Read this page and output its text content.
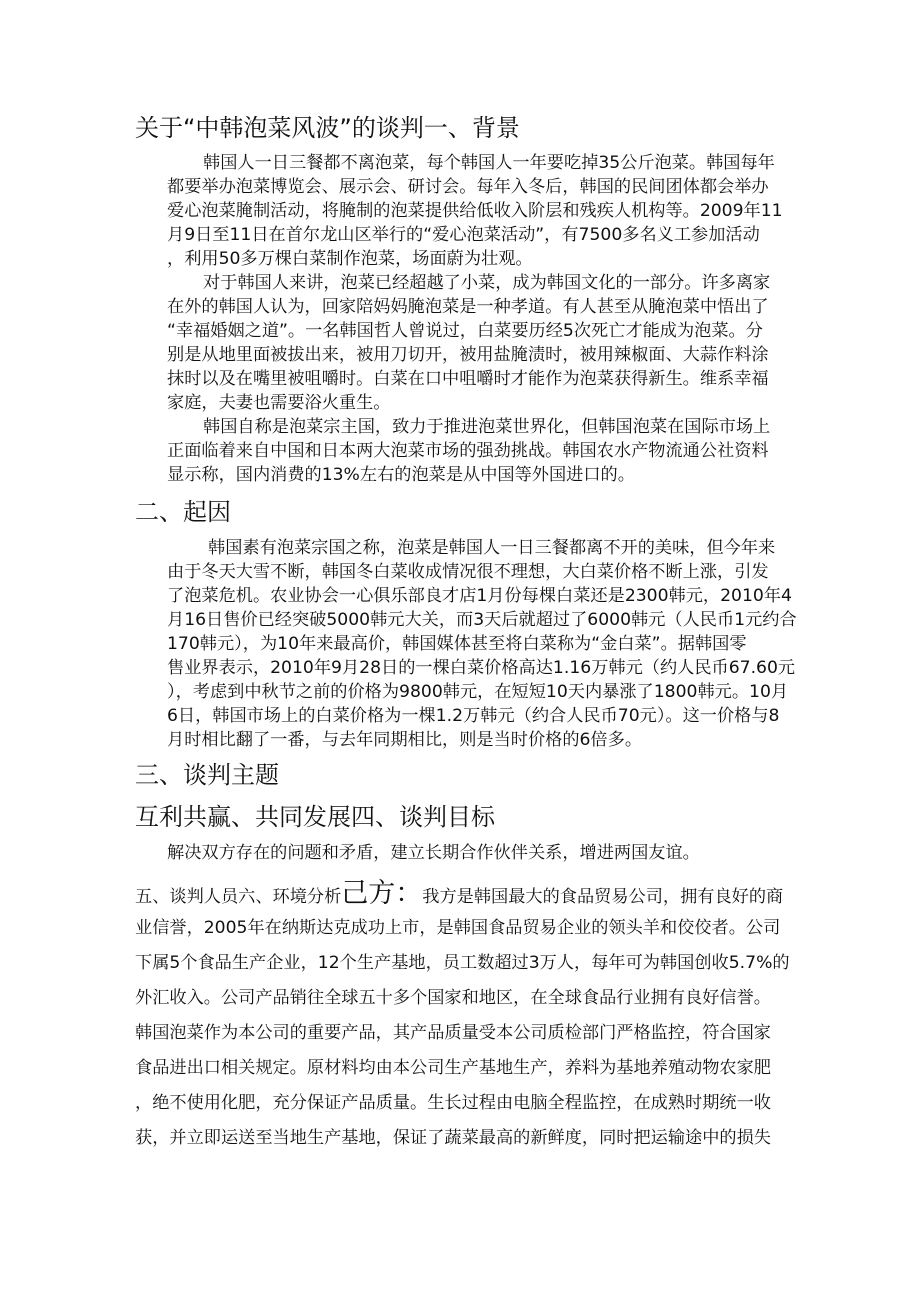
关于“中韩泡菜风波”的谈判一、背景
韩国人一日三餐都不离泡菜，每个韩国人一年要吃掉35公斤泡菜。韩国每年
都要举办泡菜博览会、展示会、研讨会。每年入冬后，韩国的民间团体都会举办
爱心泡菜腌制活动，将腌制的泡菜提供给低收入阶层和残疾人机构等。2009年11
月9日至11日在首尔龙山区举行的“爱心泡菜活动”，有7500多名义工参加活动
，利用50多万棵白菜制作泡菜，场面蔚为壮观。
对于韩国人来讲，泡菜已经超越了小菜，成为韩国文化的一部分。许多离家
在外的韩国人认为，回家陪妈妈腌泡菜是一种孝道。有人甚至从腌泡菜中悟出了
“幸福婚姻之道”。一名韩国哲人曾说过，白菜要历经5次死亡才能成为泡菜。分
别是从地里面被拔出来，被用刀切开，被用盐腌渍时，被用辣椒面、大蒜作料涂
抹时以及在嘴里被咀嚼时。白菜在口中咀嚼时才能作为泡菜获得新生。维系幸福
家庭，夫妻也需要浴火重生。
韩国自称是泡菜宗主国，致力于推进泡菜世界化，但韩国泡菜在国际市场上
正面临着来自中国和日本两大泡菜市场的强劲挑战。韩国农水产物流通公社资料
显示称，国内消费的13%左右的泡菜是从中国等外国进口的。
二、起因
韩国素有泡菜宗国之称，泡菜是韩国人一日三餐都离不开的美味，但今年来
由于冬天大雪不断，韩国冬白菜收成情况很不理想，大白菜价格不断上涨，引发
了泡菜危机。农业协会一心俱乐部良才店1月份每棵白菜还是2300韩元，2010年4
月16日售价已经突破5000韩元大关，而3天后就超过了6000韩元（人民币1元约合
170韩元），为10年来最高价，韩国媒体甚至将白菜称为“金白菜”。据韩国零
售业界表示，2010年9月28日的一棵白菜价格高达1.16万韩元（约人民币67.60元
），考虑到中秋节之前的价格为9800韩元，在短短10天内暴涨了1800韩元。10月
6日，韩国市场上的白菜价格为一棵1.2万韩元（约合人民币70元）。这一价格与8
月时相比翻了一番，与去年同期相比，则是当时价格的6倍多。
三、谈判主题
互利共赢、共同发展四、谈判目标
解决双方存在的问题和矛盾，建立长期合作伙伴关系，增进两国友谊。
五、谈判人员六、环境分析己方：我方是韩国最大的食品贸易公司，拥有良好的商
业信誉，2005年在纳斯达克成功上市，是韩国食品贸易企业的领头羊和佼佼者。公司
下属5个食品生产企业，12个生产基地，员工数超过3万人，每年可为韩国创收5.7%的
外汇收入。公司产品销往全球五十多个国家和地区，在全球食品行业拥有良好信誉。
韩国泡菜作为本公司的重要产品，其产品质量受本公司质检部门严格监控，符合国家
食品进出口相关规定。原材料均由本公司生产基地生产，养料为基地养殖动物农家肥
，绝不使用化肥，充分保证产品质量。生长过程由电脑全程监控，在成熟时期统一收
获，并立即运送至当地生产基地，保证了蔬菜最高的新鲜度，同时把运输途中的损失
